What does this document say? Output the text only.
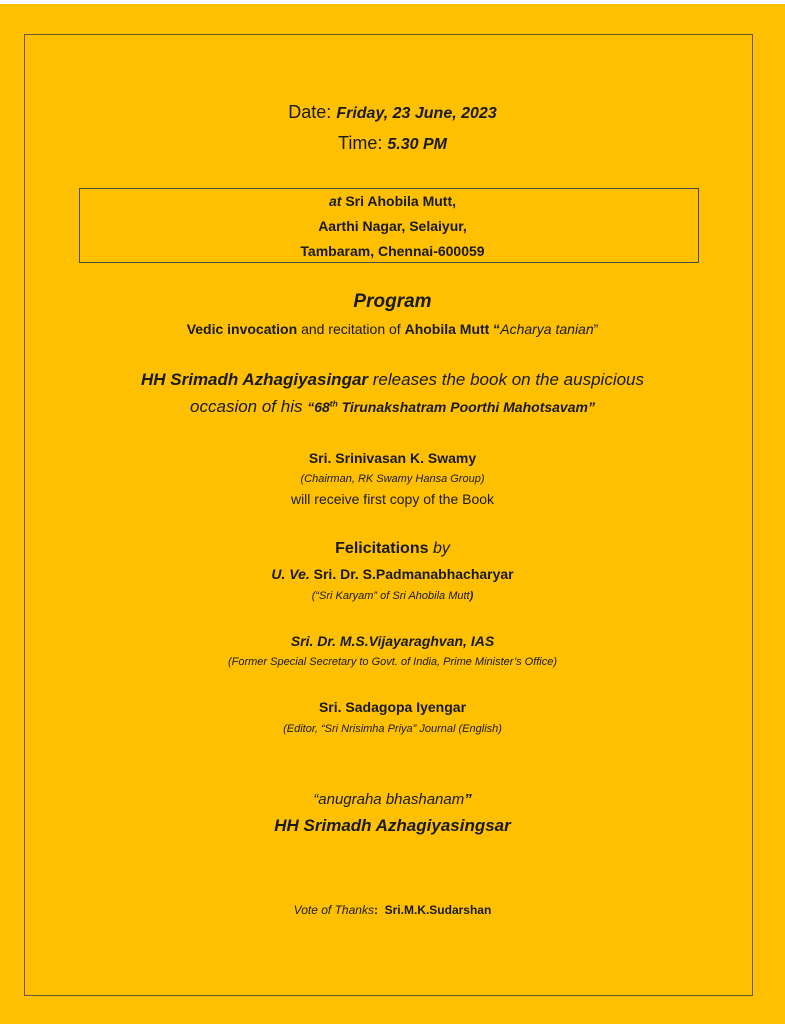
Date: Friday, 23 June, 2023
Time: 5.30 PM
at Sri Ahobila Mutt,
Aarthi Nagar, Selaiyur,
Tambaram, Chennai-600059
Program
Vedic invocation and recitation of Ahobila Mutt “Acharya tanian”
HH Srimadh Azhagiyasingar releases the book on the auspicious
occasion of his “68th Tirunakshatram Poorthi Mahotsavam”
Sri. Srinivasan K. Swamy
(Chairman, RK Swamy Hansa Group)
will receive first copy of the Book
Felicitations by
U. Ve. Sri. Dr. S.Padmanabhacharyar
(“Sri Karyam” of Sri Ahobila Mutt)
Sri. Dr. M.S.Vijayaraghvan, IAS
(Former Special Secretary to Govt. of India, Prime Minister’s Office)
Sri. Sadagopa Iyengar
(Editor, “Sri Nrisimha Priya” Journal (English)
“anugraha bhashanam”
HH Srimadh Azhagiyasingsar
Vote of Thanks: Sri.M.K.Sudarshan
